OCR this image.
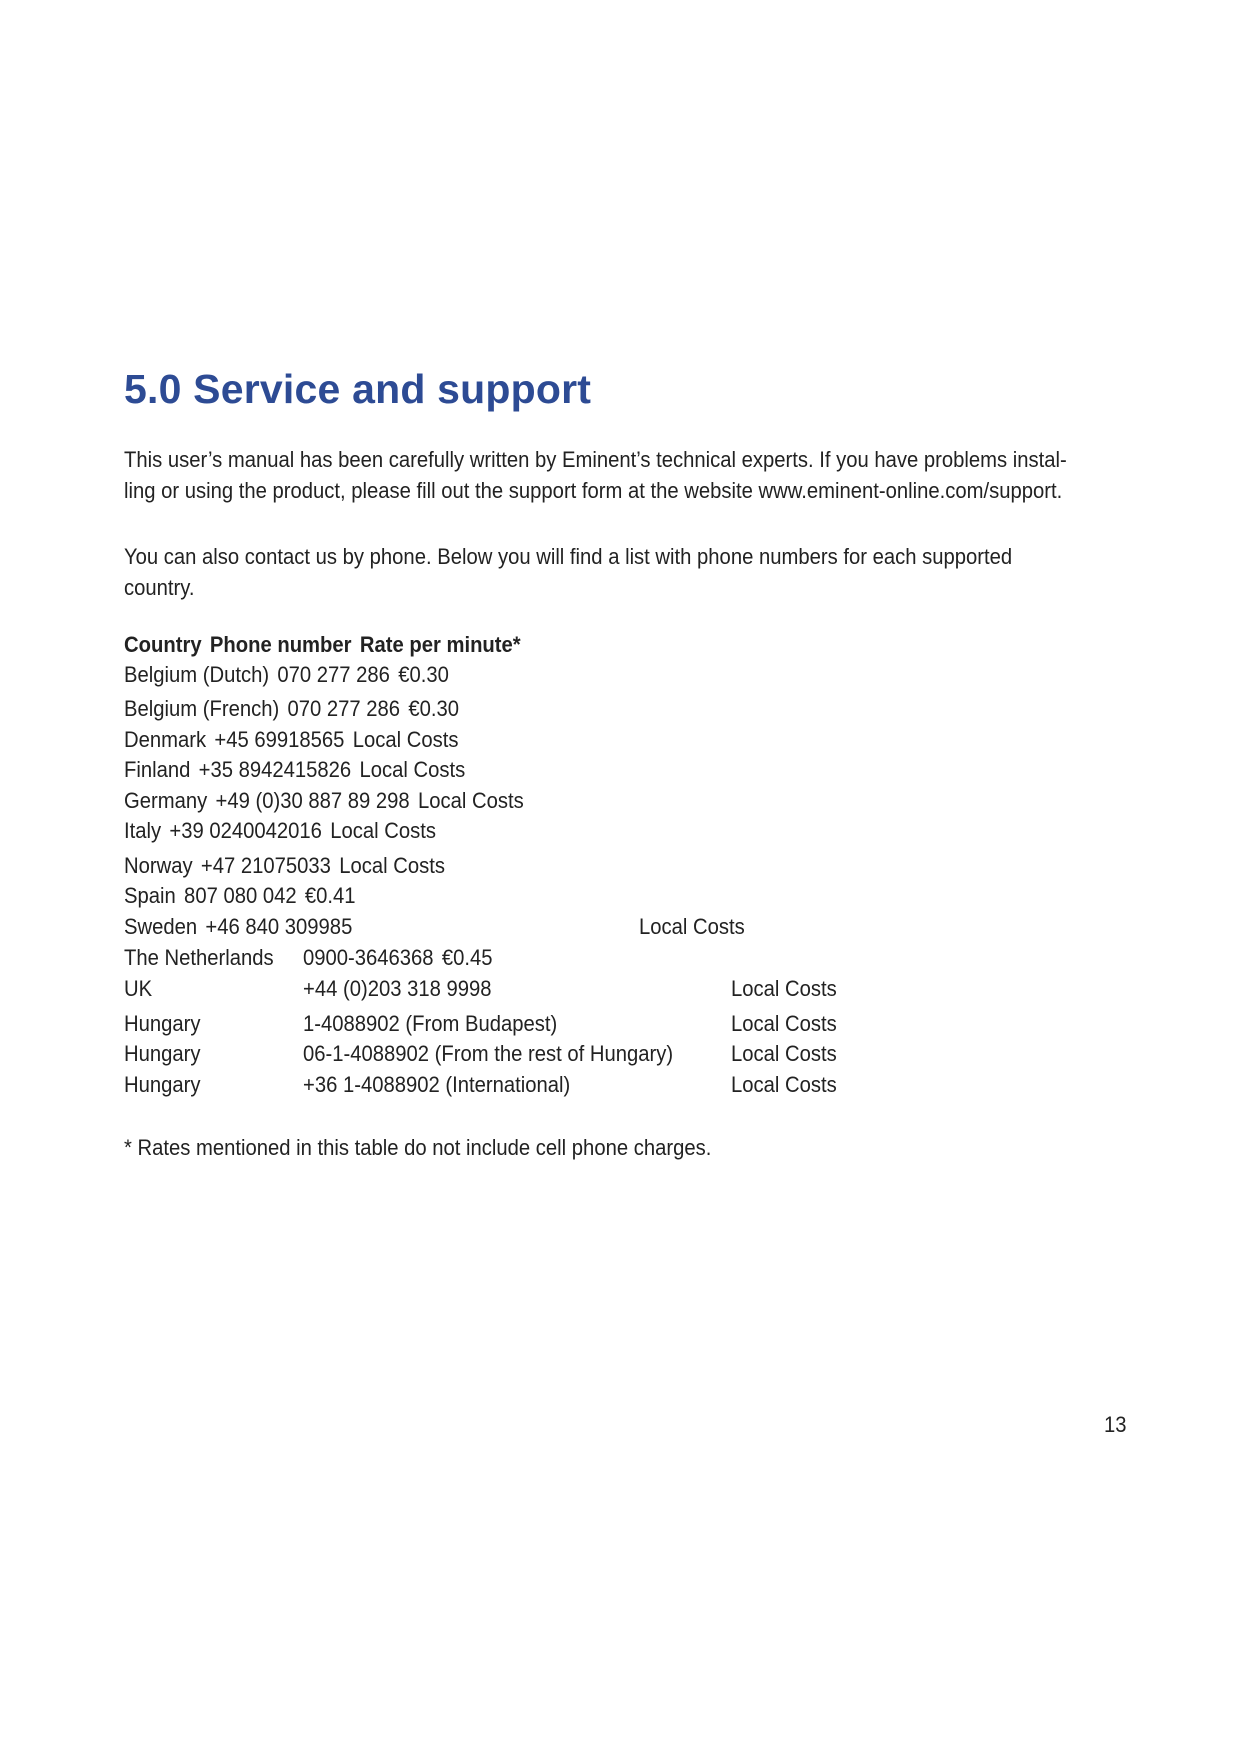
5.0 Service and support
This user’s manual has been carefully written by Eminent’s technical experts. If you have problems instal-
ling or using the product, please fill out the support form at the website www.eminent-online.com/support.
You can also contact us by phone. Below you will find a list with phone numbers for each supported
country.
Country Phone number Rate per minute*
Belgium (Dutch) 070 277 286 €0.30
Belgium (French) 070 277 286 €0.30
Denmark +45 69918565 Local Costs
Finland +35 8942415826 Local Costs
Germany +49 (0)30 887 89 298 Local Costs
Italy +39 0240042016 Local Costs
Norway +47 21075033 Local Costs
Spain 807 080 042 €0.41
Sweden +46 840 309985	Local Costs
The Netherlands 0900-3646368 €0.45
UK	+44 (0)203 318 9998	Local Costs
Hungary	1-4088902 (From Budapest)	Local Costs
Hungary	06-1-4088902 (From the rest of Hungary)	Local Costs
Hungary	+36 1-4088902 (International)	Local Costs
* Rates mentioned in this table do not include cell phone charges.
13
